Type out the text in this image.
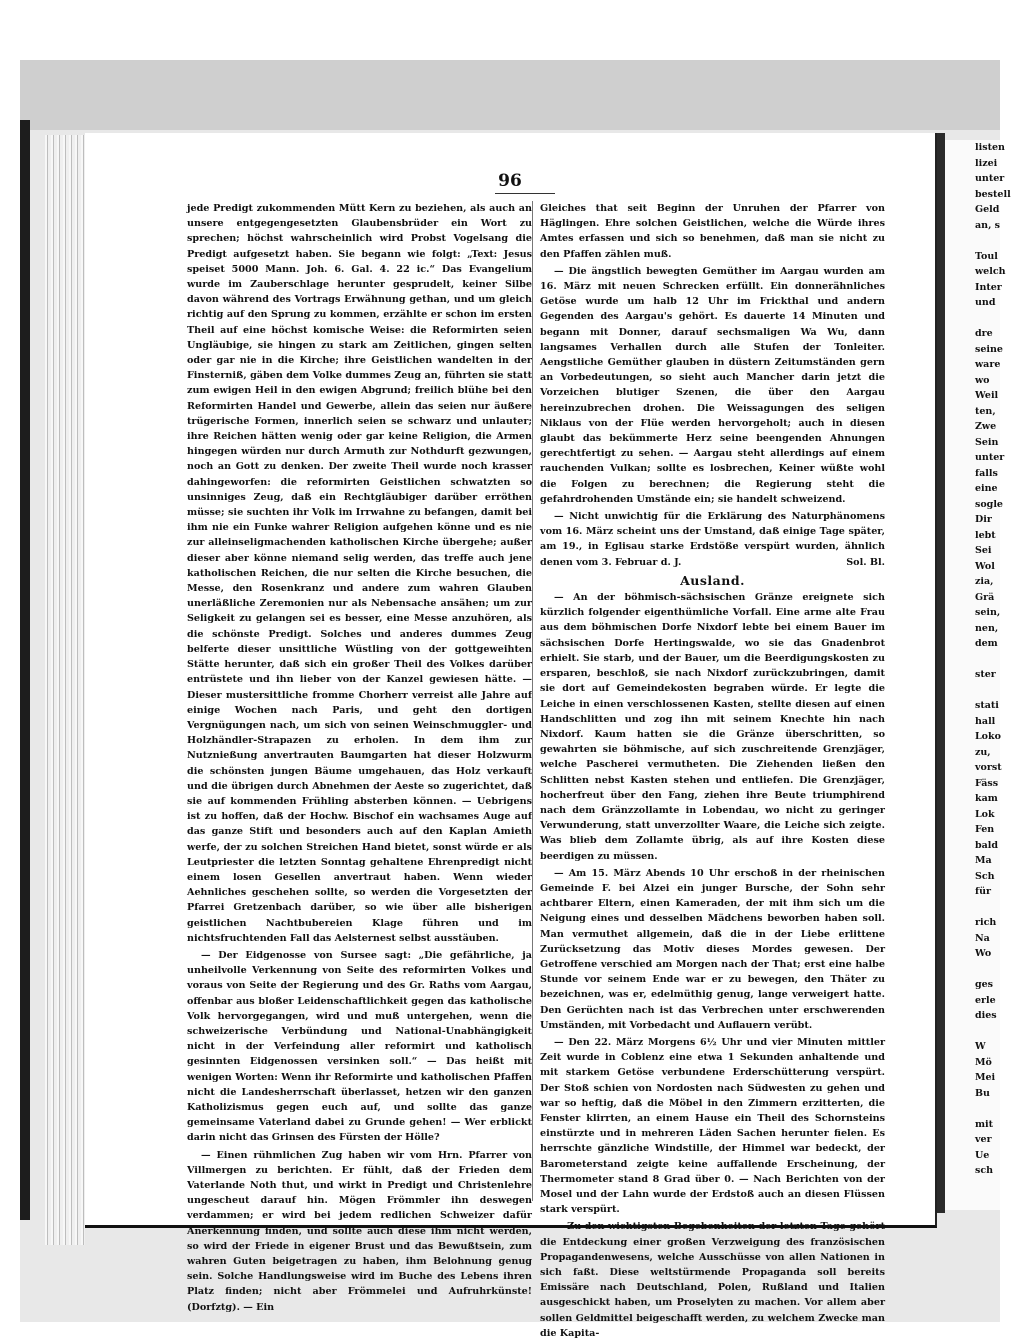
96

jede Predigt zukommenden Mütt Kern zu beziehen, als auch an unsere entgegengesetzten Glaubensbrüder ein Wort zu sprechen; höchst wahrscheinlich wird Probst Vogelsang die Predigt aufgesetzt haben. Sie begann wie folgt: „Text: Jesus speiset 5000 Mann. Joh. 6. Gal. 4. 22 ic.“ Das Evangelium wurde im Zauberschlage herunter gesprudelt, keiner Silbe davon während des Vortrags Erwähnung gethan, und um gleich richtig auf den Sprung zu kommen, erzählte er schon im ersten Theil auf eine höchst komische Weise: die Reformirten seien Ungläubige, sie hingen zu stark am Zeitlichen, gingen selten oder gar nie in die Kirche; ihre Geistlichen wandelten in der Finsterniß, gäben dem Volke dummes Zeug an, führten sie statt zum ewigen Heil in den ewigen Abgrund; freilich blühe bei den Reformirten Handel und Gewerbe, allein das seien nur äußere trügerische Formen, innerlich seien se schwarz und unlauter; ihre Reichen hätten wenig oder gar keine Religion, die Armen hingegen würden nur durch Armuth zur Nothdurft gezwungen, noch an Gott zu denken. Der zweite Theil wurde noch krasser dahingeworfen: die reformirten Geistlichen schwatzten so unsinniges Zeug, daß ein Rechtgläubiger darüber erröthen müsse; sie suchten ihr Volk im Irrwahne zu befangen, damit bei ihm nie ein Funke wahrer Religion aufgehen könne und es nie zur alleinseligmachenden katholischen Kirche übergehe; außer dieser aber könne niemand selig werden, das treffe auch jene katholischen Reichen, die nur selten die Kirche besuchen, die Messe, den Rosenkranz und andere zum wahren Glauben unerläßliche Zeremonien nur als Nebensache ansähen; um zur Seligkeit zu gelangen sei es besser, eine Messe anzuhören, als die schönste Predigt. Solches und anderes dummes Zeug belferte dieser unsittliche Wüstling von der gottgeweihten Stätte herunter, daß sich ein großer Theil des Volkes darüber entrüstete und ihn lieber von der Kanzel gewiesen hätte. — Dieser mustersittliche fromme Chorherr verreist alle Jahre auf einige Wochen nach Paris, und geht den dortigen Vergnügungen nach, um sich von seinen Weinschmuggler- und Holzhändler-Strapazen zu erholen. In dem ihm zur Nutznießung anvertrauten Baumgarten hat dieser Holzwurm die schönsten jungen Bäume umgehauen, das Holz verkauft und die übrigen durch Abnehmen der Aeste so zugerichtet, daß sie auf kommenden Frühling absterben können. — Uebrigens ist zu hoffen, daß der Hochw. Bischof ein wachsames Auge auf das ganze Stift und besonders auch auf den Kaplan Amieth werfe, der zu solchen Streichen Hand bietet, sonst würde er als Leutpriester die letzten Sonntag gehaltene Ehrenpredigt nicht einem losen Gesellen anvertraut haben. Wenn wieder Aehnliches geschehen sollte, so werden die Vorgesetzten der Pfarrei Gretzenbach darüber, so wie über alle bisherigen geistlichen Nachtbubereien Klage führen und im nichtsfruchtenden Fall das Aelsternest selbst ausstäuben.

— Der Eidgenosse von Sursee sagt: „Die gefährliche, ja unheilvolle Verkennung von Seite des reformirten Volkes und voraus von Seite der Regierung und des Gr. Raths vom Aargau, offenbar aus bloßer Leidenschaftlichkeit gegen das katholische Volk hervorgegangen, wird und muß untergehen, wenn die schweizerische Verbündung und National-Unabhängigkeit nicht in der Verfeindung aller reformirt und katholisch gesinnten Eidgenossen versinken soll.“ — Das heißt mit wenigen Worten: Wenn ihr Reformirte und katholischen Pfaffen nicht die Landesherrschaft überlasset, hetzen wir den ganzen Katholizismus gegen euch auf, und sollte das ganze gemeinsame Vaterland dabei zu Grunde gehen! — Wer erblickt darin nicht das Grinsen des Fürsten der Hölle?

— Einen rühmlichen Zug haben wir vom Hrn. Pfarrer von Villmergen zu berichten. Er fühlt, daß der Frieden dem Vaterlande Noth thut, und wirkt in Predigt und Christenlehre ungescheut darauf hin. Mögen Frömmler ihn deswegen verdammen; er wird bei jedem redlichen Schweizer dafür Anerkennung finden, und sollte auch diese ihm nicht werden, so wird der Friede in eigener Brust und das Bewußtsein, zum wahren Guten beigetragen zu haben, ihm Belohnung genug sein. Solche Handlungsweise wird im Buche des Lebens ihren Platz finden; nicht aber Frömmelei und Aufruhrkünste! (Dorfztg). — Ein

Gleiches that seit Beginn der Unruhen der Pfarrer von Häglingen. Ehre solchen Geistlichen, welche die Würde ihres Amtes erfassen und sich so benehmen, daß man sie nicht zu den Pfaffen zählen muß.

— Die ängstlich bewegten Gemüther im Aargau wurden am 16. März mit neuen Schrecken erfüllt. Ein donnerähnliches Getöse wurde um halb 12 Uhr im Frickthal und andern Gegenden des Aargau's gehört. Es dauerte 14 Minuten und begann mit Donner, darauf sechsmaligen Wa Wu, dann langsames Verhallen durch alle Stufen der Tonleiter. Aengstliche Gemüther glauben in düstern Zeitumständen gern an Vorbedeutungen, so sieht auch Mancher darin jetzt die Vorzeichen blutiger Szenen, die über den Aargau hereinzubrechen drohen. Die Weissagungen des seligen Niklaus von der Flüe werden hervorgeholt; auch in diesen glaubt das bekümmerte Herz seine beengenden Ahnungen gerechtfertigt zu sehen. — Aargau steht allerdings auf einem rauchenden Vulkan; sollte es losbrechen, Keiner wüßte wohl die Folgen zu berechnen; die Regierung steht die gefahrdrohenden Umstände ein; sie handelt schweizend.

— Nicht unwichtig für die Erklärung des Naturphänomens vom 16. März scheint uns der Umstand, daß einige Tage später, am 19., in Eglisau starke Erdstöße verspürt wurden, ähnlich denen vom 3. Februar d. J.	Sol. Bl.

Ausland.

— An der böhmisch-sächsischen Gränze ereignete sich kürzlich folgender eigenthümliche Vorfall. Eine arme alte Frau aus dem böhmischen Dorfe Nixdorf lebte bei einem Bauer im sächsischen Dorfe Hertingswalde, wo sie das Gnadenbrot erhielt. Sie starb, und der Bauer, um die Beerdigungskosten zu ersparen, beschloß, sie nach Nixdorf zurückzubringen, damit sie dort auf Gemeindekosten begraben würde. Er legte die Leiche in einen verschlossenen Kasten, stellte diesen auf einen Handschlitten und zog ihn mit seinem Knechte hin nach Nixdorf. Kaum hatten sie die Gränze überschritten, so gewahrten sie böhmische, auf sich zuschreitende Grenzjäger, welche Pascherei vermutheten. Die Ziehenden ließen den Schlitten nebst Kasten stehen und entliefen. Die Grenzjäger, hocherfreut über den Fang, ziehen ihre Beute triumphirend nach dem Gränzzollamte in Lobendau, wo nicht zu geringer Verwunderung, statt unverzollter Waare, die Leiche sich zeigte. Was blieb dem Zollamte übrig, als auf ihre Kosten diese beerdigen zu müssen.

— Am 15. März Abends 10 Uhr erschoß in der rheinischen Gemeinde F. bei Alzei ein junger Bursche, der Sohn sehr achtbarer Eltern, einen Kameraden, der mit ihm sich um die Neigung eines und desselben Mädchens beworben haben soll. Man vermuthet allgemein, daß die in der Liebe erlittene Zurücksetzung das Motiv dieses Mordes gewesen. Der Getroffene verschied am Morgen nach der That; erst eine halbe Stunde vor seinem Ende war er zu bewegen, den Thäter zu bezeichnen, was er, edelmüthig genug, lange verweigert hatte. Den Gerüchten nach ist das Verbrechen unter erschwerenden Umständen, mit Vorbedacht und Auflauern verübt.

— Den 22. März Morgens 6½ Uhr und vier Minuten mittler Zeit wurde in Coblenz eine etwa 1 Sekunden anhaltende und mit starkem Getöse verbundene Erderschütterung verspürt. Der Stoß schien von Nordosten nach Südwesten zu gehen und war so heftig, daß die Möbel in den Zimmern erzitterten, die Fenster klirrten, an einem Hause ein Theil des Schornsteins einstürzte und in mehreren Läden Sachen herunter fielen. Es herrschte gänzliche Windstille, der Himmel war bedeckt, der Barometerstand zeigte keine auffallende Erscheinung, der Thermometer stand 8 Grad über 0. — Nach Berichten von der Mosel und der Lahn wurde der Erdstoß auch an diesen Flüssen stark verspürt.

— Zu den wichtigsten Begebenheiten der letzten Tage gehört die Entdeckung einer großen Verzweigung des französischen Propagandenwesens, welche Ausschüsse von allen Nationen in sich faßt. Diese weltstürmende Propaganda soll bereits Emissäre nach Deutschland, Polen, Rußland und Italien ausgeschickt haben, um Proselyten zu machen. Vor allem aber sollen Geldmittel beigeschafft werden, zu welchem Zwecke man die Kapita-

listen
lizei
unter
bestell
Geld
an, s

Toul
welch
Inter
und

dre
seine
ware
wo
Weil
ten,
Zwe
Sein
unter
falls
eine
sogle
Dir
lebt
Sei
Wol
zia,
Grä
sein,
nen,
dem

ster

stati
hall
Loko
zu,
vorst
Fäss
kam
Lok
Fen
bald
Ma
Sch
für

rich
Na
Wo

ges
erle
dies

W
Mö
Mei
Bu

mit
ver
Ue
sch
